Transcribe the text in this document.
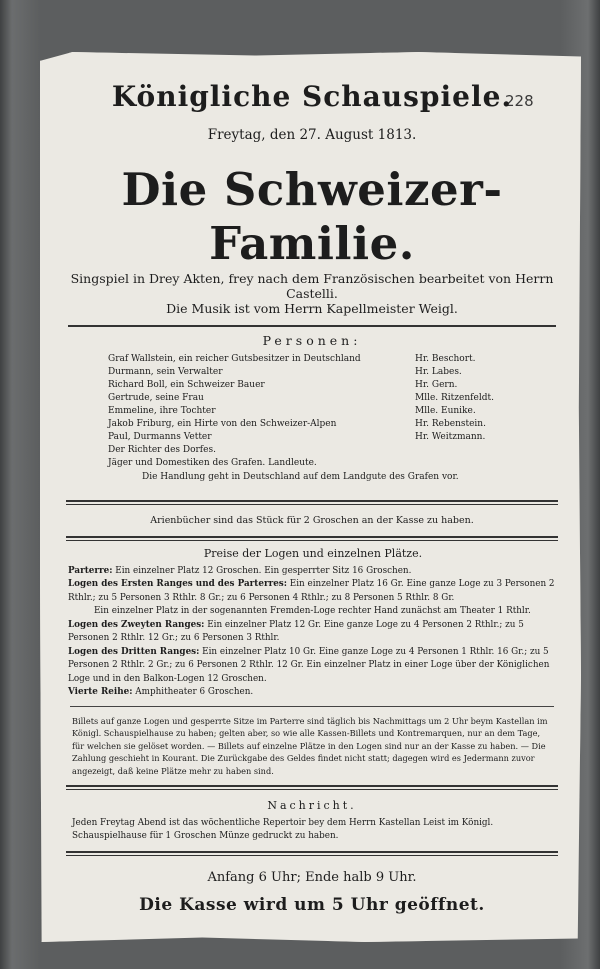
228
Königliche Schauspiele.
Freytag, den 27. August 1813.
Die Schweizer-Familie.
Singspiel in Drey Akten, frey nach dem Französischen bearbeitet von Herrn Castelli.
Die Musik ist vom Herrn Kapellmeister Weigl.
Personen:
Graf Wallstein, ein reicher Gutsbesitzer in Deutschland	Hr. Beschort.
Durmann, sein Verwalter	Hr. Labes.
Richard Boll, ein Schweizer Bauer	Hr. Gern.
Gertrude, seine Frau	Mlle. Ritzenfeldt.
Emmeline, ihre Tochter	Mlle. Eunike.
Jakob Friburg, ein Hirte von den Schweizer-Alpen	Hr. Rebenstein.
Paul, Durmanns Vetter	Hr. Weitzmann.
Der Richter des Dorfes.
Jäger und Domestiken des Grafen. Landleute.
Die Handlung geht in Deutschland auf dem Landgute des Grafen vor.
Arienbücher sind das Stück für 2 Groschen an der Kasse zu haben.
Preise der Logen und einzelnen Plätze.
Parterre: Ein einzelner Platz 12 Groschen. Ein gesperrter Sitz 16 Groschen.
Logen des Ersten Ranges und des Parterres: Ein einzelner Platz 16 Gr. Eine ganze Loge zu 3 Personen 2 Rthlr.; zu 5 Personen 3 Rthlr. 8 Gr.; zu 6 Personen 4 Rthlr.; zu 8 Personen 5 Rthlr. 8 Gr.
Ein einzelner Platz in der sogenannten Fremden-Loge rechter Hand zunächst am Theater 1 Rthlr.
Logen des Zweyten Ranges: Ein einzelner Platz 12 Gr. Eine ganze Loge zu 4 Personen 2 Rthlr.; zu 5 Personen 2 Rthlr. 12 Gr.; zu 6 Personen 3 Rthlr.
Logen des Dritten Ranges: Ein einzelner Platz 10 Gr. Eine ganze Loge zu 4 Personen 1 Rthlr. 16 Gr.; zu 5 Personen 2 Rthlr. 2 Gr.; zu 6 Personen 2 Rthlr. 12 Gr. Ein einzelner Platz in einer Loge über der Königlichen Loge und in den Balkon-Logen 12 Groschen.
Vierte Reihe: Amphitheater 6 Groschen.
Billets auf ganze Logen und gesperrte Sitze im Parterre sind täglich bis Nachmittags um 2 Uhr beym Kastellan im Königl. Schauspielhause zu haben; gelten aber, so wie alle Kassen-Billets und Kontremarquen, nur an dem Tage, für welchen sie gelöset worden. — Billets auf einzelne Plätze in den Logen sind nur an der Kasse zu haben. — Die Zahlung geschieht in Kourant. Die Zurückgabe des Geldes findet nicht statt; dagegen wird es Jedermann zuvor angezeigt, daß keine Plätze mehr zu haben sind.
Nachricht.
Jeden Freytag Abend ist das wöchentliche Repertoir bey dem Herrn Kastellan Leist im Königl. Schauspielhause für 1 Groschen Münze gedruckt zu haben.
Anfang 6 Uhr; Ende halb 9 Uhr.
Die Kasse wird um 5 Uhr geöffnet.
